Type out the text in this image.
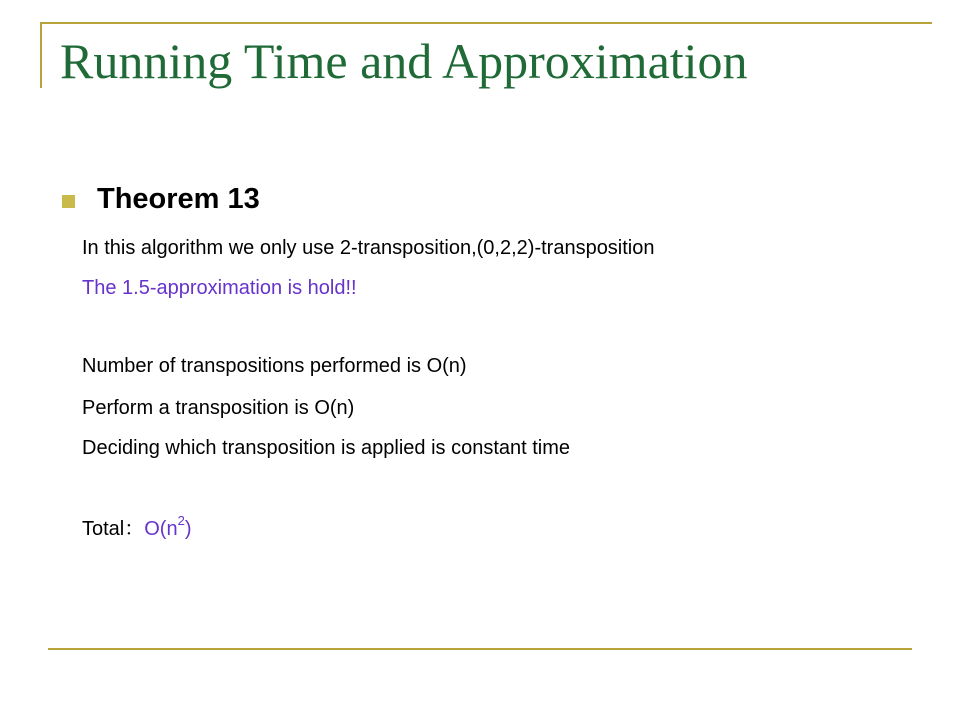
Running Time and Approximation
Theorem 13
In this algorithm we only use 2-transposition,(0,2,2)-transposition
The 1.5-approximation is hold!!
Number of transpositions performed is O(n)
Perform a transposition is O(n)
Deciding which transposition is applied is constant time
Total：$O(n^2)$
